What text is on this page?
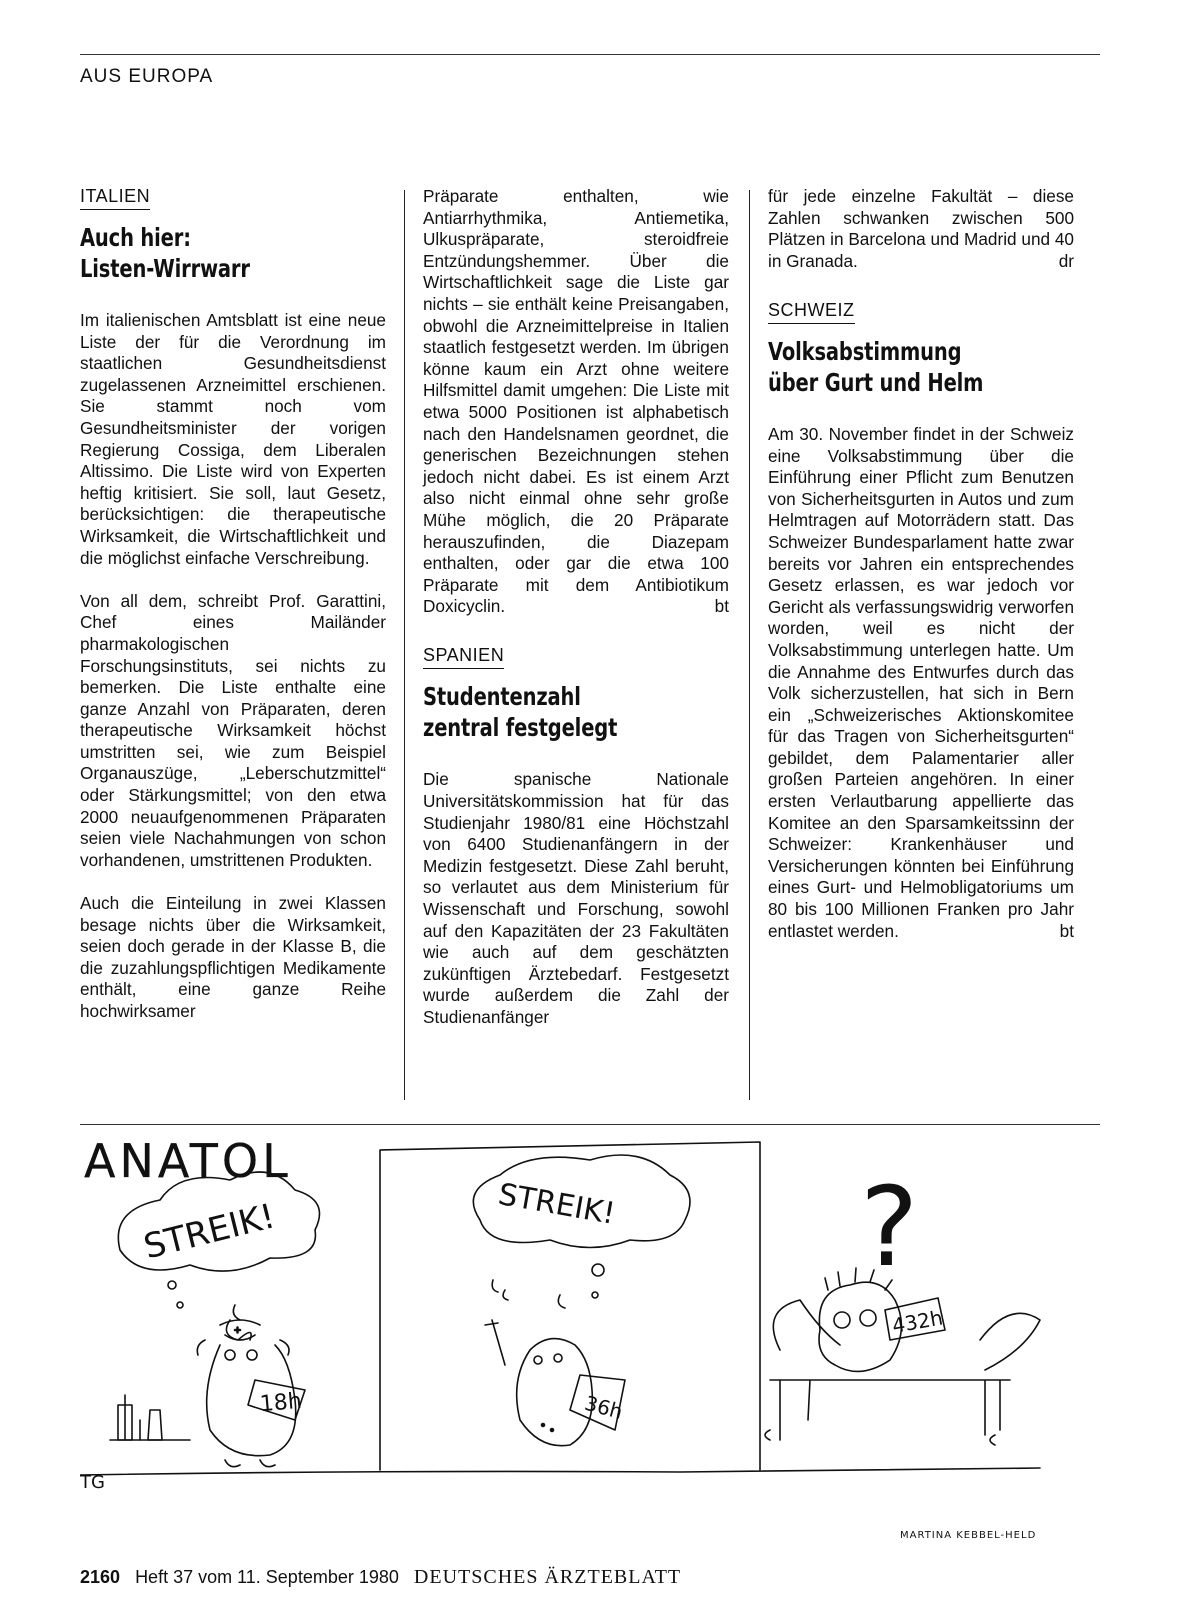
AUS EUROPA
ITALIEN
Auch hier:
Listen-Wirrwarr

Im italienischen Amtsblatt ist eine neue Liste der für die Verordnung im staatlichen Gesundheitsdienst zugelassenen Arzneimittel erschienen. Sie stammt noch vom Gesundheitsminister der vorigen Regierung Cossiga, dem Liberalen Altissimo. Die Liste wird von Experten heftig kritisiert. Sie soll, laut Gesetz, berücksichtigen: die therapeutische Wirksamkeit, die Wirtschaftlichkeit und die möglichst einfache Verschreibung.

Von all dem, schreibt Prof. Garattini, Chef eines Mailänder pharmakologischen Forschungsinstituts, sei nichts zu bemerken. Die Liste enthalte eine ganze Anzahl von Präparaten, deren therapeutische Wirksamkeit höchst umstritten sei, wie zum Beispiel Organauszüge, „Leberschutzmittel“ oder Stärkungsmittel; von den etwa 2000 neuaufgenommenen Präparaten seien viele Nachahmungen von schon vorhandenen, umstrittenen Produkten.

Auch die Einteilung in zwei Klassen besage nichts über die Wirksamkeit, seien doch gerade in der Klasse B, die die zuzahlungspflichtigen Medikamente enthält, eine ganze Reihe hochwirksamer

Präparate enthalten, wie Antiarrhythmika, Antiemetika, Ulkuspräparate, steroidfreie Entzündungshemmer. Über die Wirtschaftlichkeit sage die Liste gar nichts – sie enthält keine Preisangaben, obwohl die Arzneimittelpreise in Italien staatlich festgesetzt werden. Im übrigen könne kaum ein Arzt ohne weitere Hilfsmittel damit umgehen: Die Liste mit etwa 5000 Positionen ist alphabetisch nach den Handelsnamen geordnet, die generischen Bezeichnungen stehen jedoch nicht dabei. Es ist einem Arzt also nicht einmal ohne sehr große Mühe möglich, die 20 Präparate herauszufinden, die Diazepam enthalten, oder gar die etwa 100 Präparate mit dem Antibiotikum Doxicyclin.	bt

SPANIEN
Studentenzahl
zentral festgelegt

Die spanische Nationale Universitätskommission hat für das Studienjahr 1980/81 eine Höchstzahl von 6400 Studienanfängern in der Medizin festgesetzt. Diese Zahl beruht, so verlautet aus dem Ministerium für Wissenschaft und Forschung, sowohl auf den Kapazitäten der 23 Fakultäten wie auch auf dem geschätzten zukünftigen Ärztebedarf. Festgesetzt wurde außerdem die Zahl der Studienanfänger

für jede einzelne Fakultät – diese Zahlen schwanken zwischen 500 Plätzen in Barcelona und Madrid und 40 in Granada.	dr

SCHWEIZ
Volksabstimmung
über Gurt und Helm

Am 30. November findet in der Schweiz eine Volksabstimmung über die Einführung einer Pflicht zum Benutzen von Sicherheitsgurten in Autos und zum Helmtragen auf Motorrädern statt. Das Schweizer Bundesparlament hatte zwar bereits vor Jahren ein entsprechendes Gesetz erlassen, es war jedoch vor Gericht als verfassungswidrig verworfen worden, weil es nicht der Volksabstimmung unterlegen hatte. Um die Annahme des Entwurfes durch das Volk sicherzustellen, hat sich in Bern ein „Schweizerisches Aktionskomitee für das Tragen von Sicherheitsgurten“ gebildet, dem Palamentarier aller großen Parteien angehören. In einer ersten Verlautbarung appellierte das Komitee an den Sparsamkeitssinn der Schweizer: Krankenhäuser und Versicherungen könnten bei Einführung eines Gurt- und Helmobligatoriums um 80 bis 100 Millionen Franken pro Jahr entlastet werden.	bt

ANATOL
STREIK!
18h
TG
STREIK!
36h
?
432h
MARTINA KEBBEL-HELD
2160 Heft 37 vom 11. September 1980 DEUTSCHES ÄRZTEBLATT
